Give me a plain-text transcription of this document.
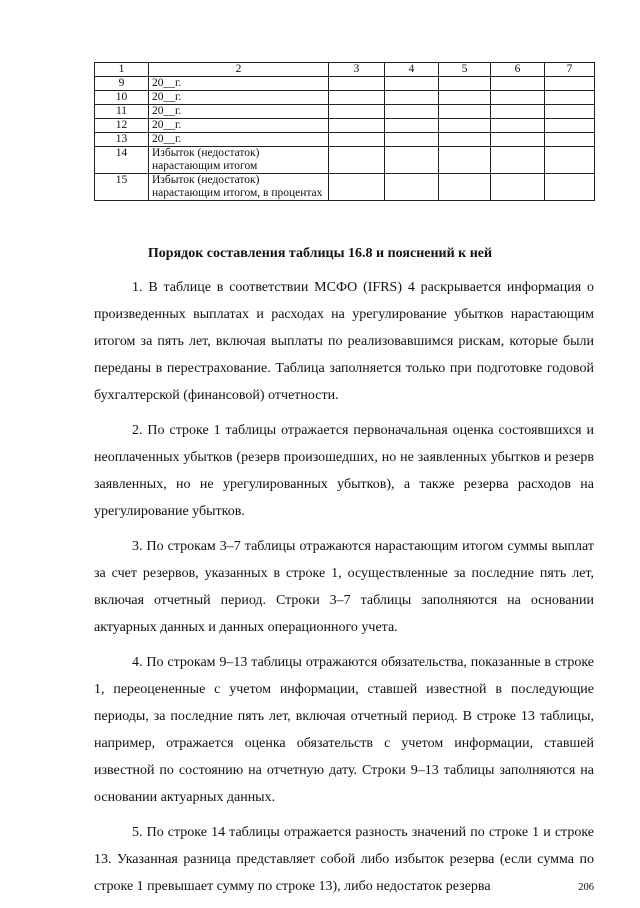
1	2	3	4	5	6	7
9	20__г.					
10	20__г.					
11	20__г.					
12	20__г.					
13	20__г.					
14	Избыток (недостаток) нарастающим итогом					
15	Избыток (недостаток) нарастающим итогом, в процентах					
Порядок составления таблицы 16.8 и пояснений к ней

1. В таблице в соответствии МСФО (IFRS) 4 раскрывается информация о произведенных выплатах и расходах на урегулирование убытков нарастающим итогом за пять лет, включая выплаты по реализовавшимся рискам, которые были переданы в перестрахование. Таблица заполняется только при подготовке годовой бухгалтерской (финансовой) отчетности.

2. По строке 1 таблицы отражается первоначальная оценка состоявшихся и неоплаченных убытков (резерв произошедших, но не заявленных убытков и резерв заявленных, но не урегулированных убытков), а также резерва расходов на урегулирование убытков.

3. По строкам 3–7 таблицы отражаются нарастающим итогом суммы выплат за счет резервов, указанных в строке 1, осуществленные за последние пять лет, включая отчетный период. Строки 3–7 таблицы заполняются на основании актуарных данных и данных операционного учета.

4. По строкам 9–13 таблицы отражаются обязательства, показанные в строке 1, переоцененные с учетом информации, ставшей известной в последующие периоды, за последние пять лет, включая отчетный период. В строке 13 таблицы, например, отражается оценка обязательств с учетом информации, ставшей известной по состоянию на отчетную дату. Строки 9–13 таблицы заполняются на основании актуарных данных.

5. По строке 14 таблицы отражается разность значений по строке 1 и строке 13. Указанная разница представляет собой либо избыток резерва (если сумма по строке 1 превышает сумму по строке 13), либо недостаток резерва	206
